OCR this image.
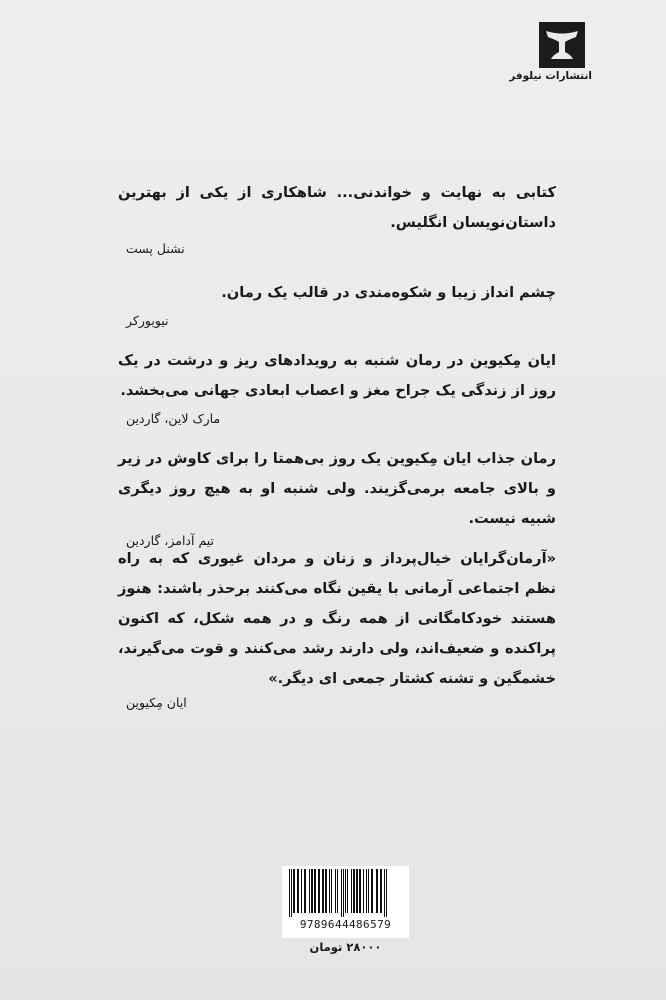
انتشارات نیلوفر

کتابی به نهایت و خواندنی... شاهکاری از یکی از بهترین داستان‌نویسان انگلیس.

نشنل پست

چشم انداز زیبا و شکوه‌مندی در قالب یک رمان.

نیویورکر

ایان مِکیوین در رمان شنبه به رویدادهای ریز و درشت در یک روز از زندگی یک جراح مغز و اعصاب ابعادی جهانی می‌بخشد.

مارک لاین، گاردین

رمان جذاب ایان مِکیوین یک روز بی‌همتا را برای کاوش در زیر و بالای جامعه برمی‌گزیند. ولی شنبه او به هیچ روز دیگری شبیه نیست.

تیم آدامز، گاردین

«آرمان‌گرایان خیال‌پرداز و زنان و مردان غیوری که به راه نظم اجتماعی آرمانی با یقین نگاه می‌کنند برحذر باشند: هنوز هستند خودکامگانی از همه رنگ و در همه شکل، که اکنون پراکنده و ضعیف‌اند، ولی دارند رشد می‌کنند و قوت می‌گیرند، خشمگین و تشنه کشتار جمعی ای دیگر.»

ایان مِکیوین

9789644486579
۲۸۰۰۰ تومان
